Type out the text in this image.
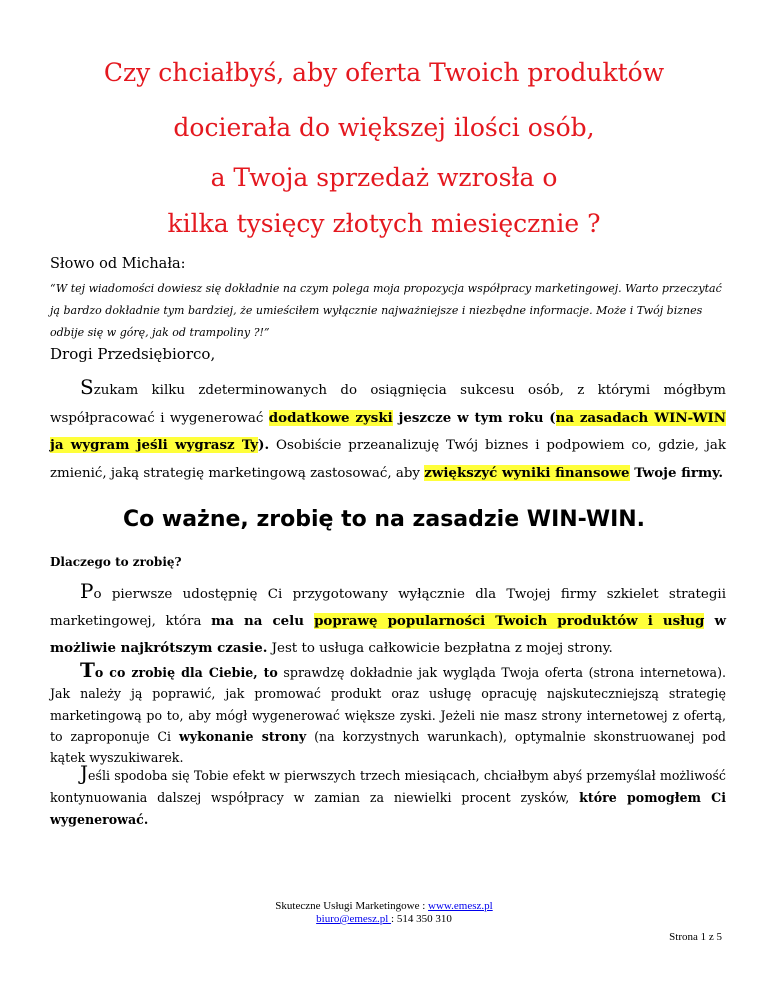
Czy chciałbyś, aby oferta Twoich produktów
docierała do większej ilości osób,
a Twoja sprzedaż wzrosła o
kilka tysięcy złotych miesięcznie ?
Słowo od Michała:
“W tej wiadomości dowiesz się dokładnie na czym polega moja propozycja współpracy marketingowej. Warto przeczytać ją bardzo dokładnie tym bardziej, że umieściłem wyłącznie najważniejsze i niezbędne informacje. Może i Twój biznes odbije się w górę, jak od trampoliny ?!”
Drogi Przedsiębiorco,
Szukam kilku zdeterminowanych do osiągnięcia sukcesu osób, z którymi mógłbym współpracować i wygenerować dodatkowe zyski jeszcze w tym roku (na zasadach WIN-WIN ja wygram jeśli wygrasz Ty). Osobiście przeanalizuję Twój biznes i podpowiem co, gdzie, jak zmienić, jaką strategię marketingową zastosować, aby zwiększyć wyniki finansowe Twoje firmy.
Co ważne, zrobię to na zasadzie WIN-WIN.
Dlaczego to zrobię?
Po pierwsze udostępnię Ci przygotowany wyłącznie dla Twojej firmy szkielet strategii marketingowej, która ma na celu poprawę popularności Twoich produktów i usług w możliwie najkrótszym czasie. Jest to usługa całkowicie bezpłatna z mojej strony.
To co zrobię dla Ciebie, to sprawdzę dokładnie jak wygląda Twoja oferta (strona internetowa). Jak należy ją poprawić, jak promować produkt oraz usługę opracuję najskuteczniejszą strategię marketingową po to, aby mógł wygenerować większe zyski. Jeżeli nie masz strony internetowej z ofertą, to zaproponuje Ci wykonanie strony (na korzystnych warunkach), optymalnie skonstruowanej pod kątek wyszukiwarek.
Jeśli spodoba się Tobie efekt w pierwszych trzech miesiącach, chciałbym abyś przemyślał możliwość kontynuowania dalszej współpracy w zamian za niewielki procent zysków, które pomogłem Ci wygenerować.
Skuteczne Usługi Marketingowe : www.emesz.pl
biuro@emesz.pl : 514 350 310
Strona 1 z 5
